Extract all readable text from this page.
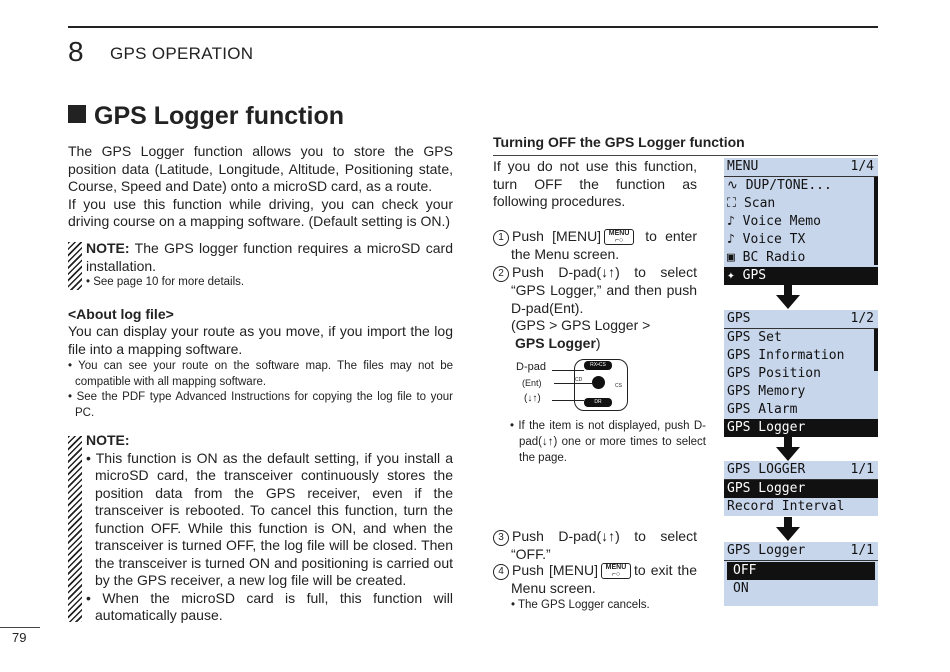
8 GPS OPERATION
GPS Logger function
The GPS Logger function allows you to store the GPS position data (Latitude, Longitude, Altitude, Positioning state, Course, Speed and Date) onto a microSD card, as a route.
If you use this function while driving, you can check your driving course on a mapping software. (Default setting is ON.)
NOTE: The GPS logger function requires a microSD card installation.
• See page 10 for more details.
<About log file>
You can display your route as you move, if you import the log file into a mapping software.
• You can see your route on the software map. The files may not be compatible with all mapping software.
• See the PDF type Advanced Instructions for copying the log file to your PC.
NOTE:
• This function is ON as the default setting, if you install a microSD card, the transceiver continuously stores the position data from the GPS receiver, even if the transceiver is rebooted. To cancel this function, turn the function OFF. While this function is ON, and when the transceiver is turned OFF, the log file will be closed. Then the transceiver is turned ON and positioning is carried out by the GPS receiver, a new log file will be created.
• When the microSD card is full, this function will automatically pause.
Turning OFF the GPS Logger function
If you do not use this function, turn OFF the function as following procedures.
1 Push [MENU] MENU
⌐○ to enter the Menu screen.
2 Push D-pad(↓↑) to select “GPS Logger,” and then push D-pad(Ent).
(GPS > GPS Logger >
GPS Logger)
D-pad
(Ent)
(↓↑)
RX•CS
DR
CD
CS
• If the item is not displayed, push D-pad(↓↑) one or more times to select the page.
3 Push D-pad(↓↑) to select “OFF.”
4 Push [MENU] MENU
⌐○ to exit the Menu screen.
• The GPS Logger cancels.
MENU	1/4
∿ DUP/TONE...
⛶ Scan
♪ Voice Memo
♪ Voice TX
▣ BC Radio
✦ GPS
GPS	1/2
GPS Set
GPS Information
GPS Position
GPS Memory
GPS Alarm
GPS Logger
GPS LOGGER	1/1
GPS Logger
Record Interval
GPS Logger	1/1
OFF
ON
79
